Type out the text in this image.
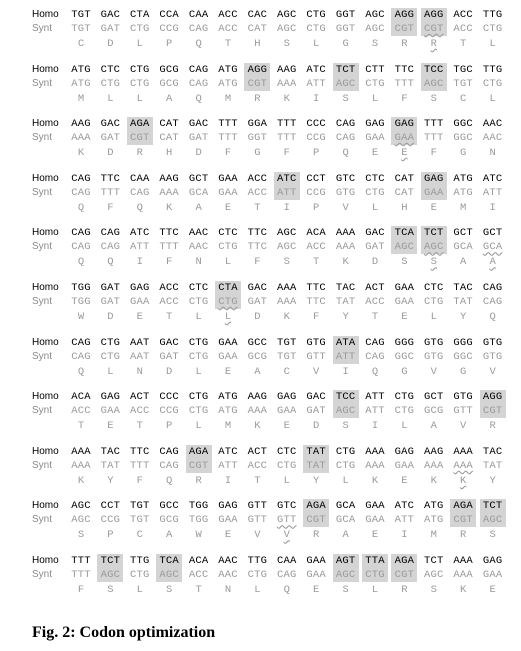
Homo	TGT GAC CTA CCA CAA ACC CAC AGC CTG GGT AGC AGG AGG ACC TTG
Synt	TGT GAT CTG CCG CAG ACC CAT AGC CTG GGT AGC CGT CGT ACC CTG
C	D	L	P	Q	T	H	S	L	G	S	R	R	T	L
Homo	ATG CTC CTG GCG CAG ATG AGG AAG ATC TCT CTT TTC TCC TGC TTG
Synt	ATG CTG CTG GCG CAG ATG CGT AAA ATT AGC CTG TTT AGC TGT CTG
M	L	L	A	Q	M	R	K	I	S	L	F	S	C	L
Homo	AAG GAC AGA CAT GAC TTT GGA TTT CCC CAG GAG GAG TTT GGC AAC
Synt	AAA GAT CGT CAT GAT TTT GGT TTT CCG CAG GAA GAA TTT GGC AAC
K	D	R	H	D	F	G	F	P	Q	E	E	F	G	N
Homo	CAG TTC CAA AAG GCT GAA ACC ATC CCT GTC CTC CAT GAG ATG ATC
Synt	CAG TTT CAG AAA GCA GAA ACC ATT CCG GTG CTG CAT GAA ATG ATT
Q	F	Q	K	A	E	T	I	P	V	L	H	E	M	I
Homo	CAG CAG ATC TTC AAC CTC TTC AGC ACA AAA GAC TCA TCT GCT GCT
Synt	CAG CAG ATT TTT AAC CTG TTC AGC ACC AAA GAT AGC AGC GCA GCA
Q	Q	I	F	N	L	F	S	T	K	D	S	S	A	A
Homo	TGG GAT GAG ACC CTC CTA GAC AAA TTC TAC ACT GAA CTC TAC CAG
Synt	TGG GAT GAA ACC CTG CTG GAT AAA TTC TAT ACC GAA CTG TAT CAG
W	D	E	T	L	L	D	K	F	Y	T	E	L	Y	Q
Homo	CAG CTG AAT GAC CTG GAA GCC TGT GTG ATA CAG GGG GTG GGG GTG
Synt	CAG CTG AAT GAT CTG GAA GCG TGT GTT ATT CAG GGC GTG GGC GTG
Q	L	N	D	L	E	A	C	V	I	Q	G	V	G	V
Homo	ACA GAG ACT CCC CTG ATG AAG GAG GAC TCC ATT CTG GCT GTG AGG
Synt	ACC GAA ACC CCG CTG ATG AAA GAA GAT AGC ATT CTG GCG GTT CGT
T	E	T	P	L	M	K	E	D	S	I	L	A	V	R
Homo	AAA TAC TTC CAG AGA ATC ACT CTC TAT CTG AAA GAG AAG AAA TAC
Synt	AAA TAT TTT CAG CGT ATT ACC CTG TAT CTG AAA GAA AAA AAA TAT
K	Y	F	Q	R	I	T	L	Y	L	K	E	K	K	Y
Homo	AGC CCT TGT GCC TGG GAG GTT GTC AGA GCA GAA ATC ATG AGA TCT
Synt	AGC CCG TGT GCG TGG GAA GTT GTT CGT GCA GAA ATT ATG CGT AGC
S	P	C	A	W	E	V	V	R	A	E	I	M	R	S
Homo	TTT TCT TTG TCA ACA AAC TTG CAA GAA AGT TTA AGA TCT AAA GAG
Synt	TTT AGC CTG AGC ACC AAC CTG CAG GAA AGC CTG CGT AGC AAA GAA
F	S	L	S	T	N	L	Q	E	S	L	R	S	K	E
Fig. 2: Codon optimization
